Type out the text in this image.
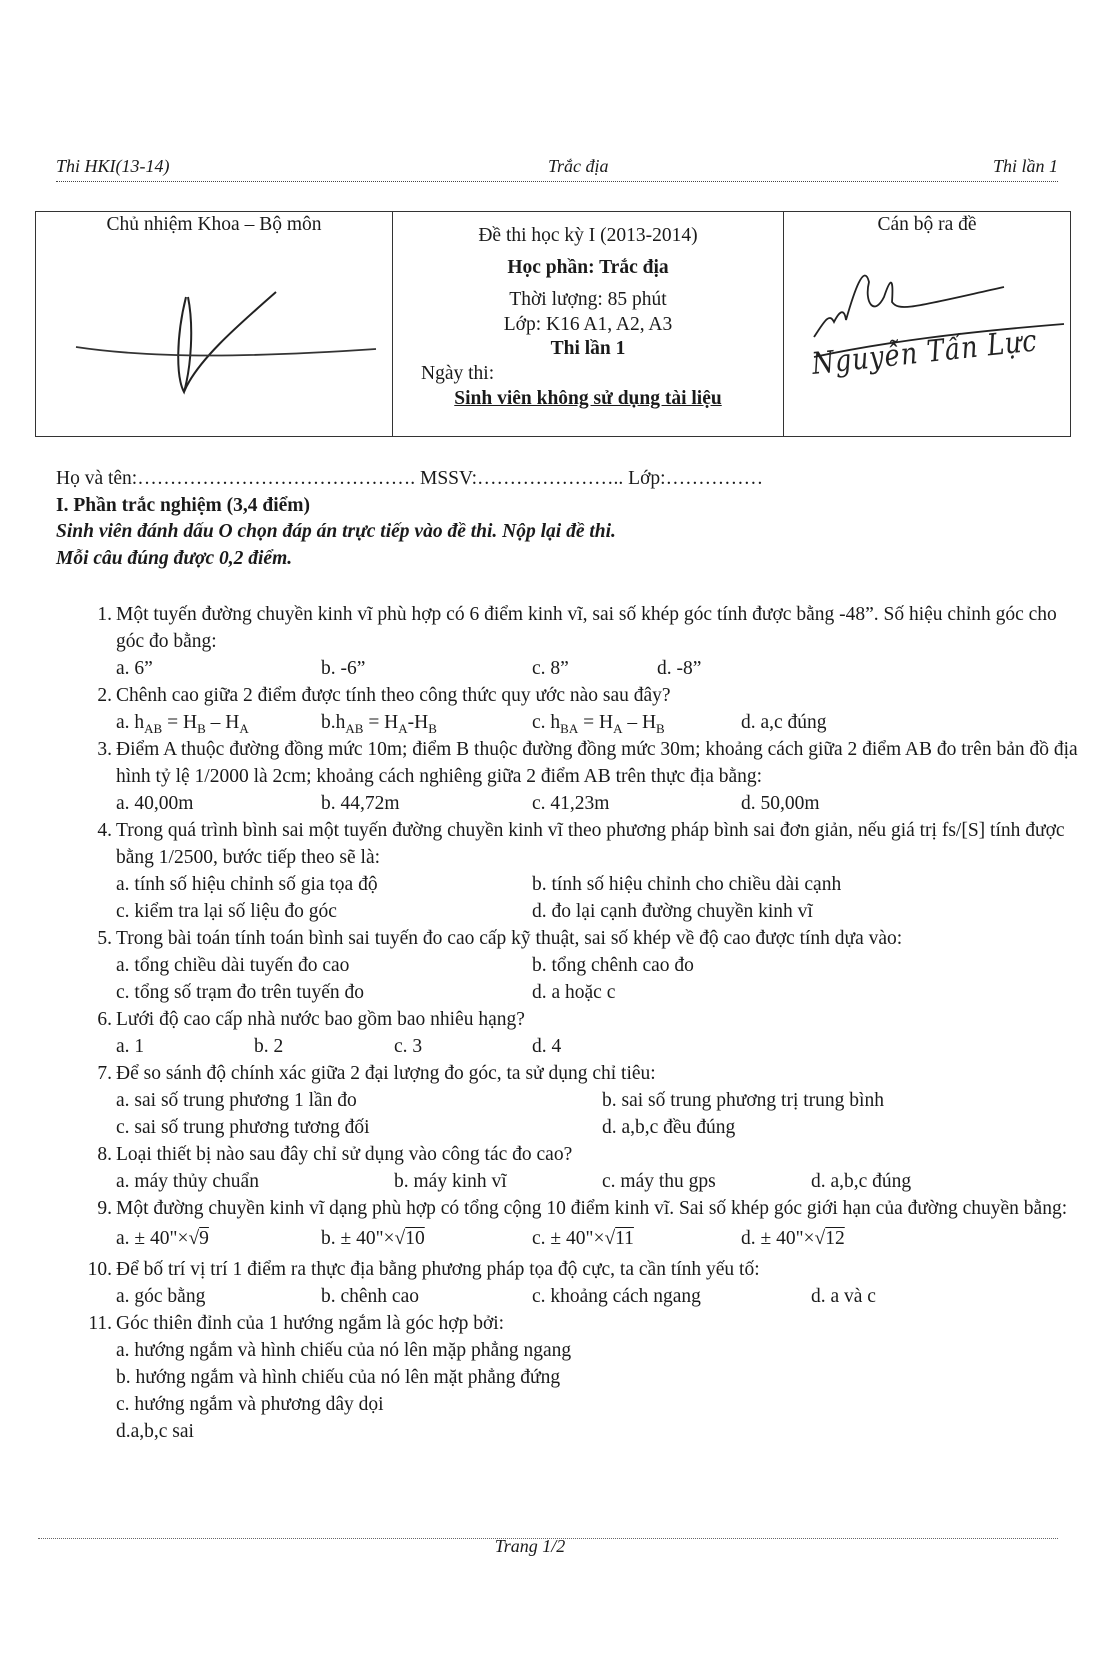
Thi HKI(13-14)	Trắc địa	Thi lần 1
Chủ nhiệm Khoa – Bộ môn

Đề thi học kỳ I (2013-2014)
Học phần: Trắc địa
Thời lượng: 85 phút
Lớp: K16 A1, A2, A3
Thi lần 1
Ngày thi:
Sinh viên không sử dụng tài liệu

Cán bộ ra đề
Nguyễn Tấn Lực
Họ và tên:……………………………………. MSSV:………………….. Lớp:……………
I. Phần trắc nghiệm (3,4 điểm)
Sinh viên đánh dấu O chọn đáp án trực tiếp vào đề thi. Nộp lại đề thi.
Mỗi câu đúng được 0,2 điểm.
1. Một tuyến đường chuyền kinh vĩ phù hợp có 6 điểm kinh vĩ, sai số khép góc tính được bằng -48”. Số hiệu chỉnh góc cho góc đo bằng:
a. 6”	b. -6”	c. 8”	d. -8”
2. Chênh cao giữa 2 điểm được tính theo công thức quy ước nào sau đây?
a. $h_{AB} = H_B - H_A$	$b.h_{AB} = H_A-H_B$	c. $h_{BA} = H_A - H_B$	d. a,c đúng
3. Điểm A thuộc đường đồng mức 10m; điểm B thuộc đường đồng mức 30m; khoảng cách giữa 2 điểm AB đo trên bản đồ địa hình tỷ lệ 1/2000 là 2cm; khoảng cách nghiêng giữa 2 điểm AB trên thực địa bằng:
a. 40,00m	b. 44,72m	c. 41,23m	d. 50,00m
4. Trong quá trình bình sai một tuyến đường chuyền kinh vĩ theo phương pháp bình sai đơn giản, nếu giá trị fs/[S] tính được bằng 1/2500, bước tiếp theo sẽ là:
a. tính số hiệu chỉnh số gia tọa độ	b. tính số hiệu chỉnh cho chiều dài cạnh
c. kiểm tra lại số liệu đo góc	d. đo lại cạnh đường chuyền kinh vĩ
5. Trong bài toán tính toán bình sai tuyến đo cao cấp kỹ thuật, sai số khép về độ cao được tính dựa vào:
a. tổng chiều dài tuyến đo cao	b. tổng chênh cao đo
c. tổng số trạm đo trên tuyến đo	d. a hoặc c
6. Lưới độ cao cấp nhà nước bao gồm bao nhiêu hạng?
a. 1	b. 2	c. 3	d. 4
7. Để so sánh độ chính xác giữa 2 đại lượng đo góc, ta sử dụng chỉ tiêu:
a. sai số trung phương 1 lần đo	b. sai số trung phương trị trung bình
c. sai số trung phương tương đối	d. a,b,c đều đúng
8. Loại thiết bị nào sau đây chỉ sử dụng vào công tác đo cao?
a. máy thủy chuẩn	b. máy kinh vĩ	c. máy thu gps	d. a,b,c đúng
9. Một đường chuyền kinh vĩ dạng phù hợp có tổng cộng 10 điểm kinh vĩ. Sai số khép góc giới hạn của đường chuyền bằng:
a. ± 40"×√9	b. ± 40"×√10	c. ± 40"×√11	d. ± 40"×√12
10. Để bố trí vị trí 1 điểm ra thực địa bằng phương pháp tọa độ cực, ta cần tính yếu tố:
a. góc bằng	b. chênh cao	c. khoảng cách ngang	d. a và c
11. Góc thiên đỉnh của 1 hướng ngắm là góc hợp bởi:
a. hướng ngắm và hình chiếu của nó lên mặp phẳng ngang
b. hướng ngắm và hình chiếu của nó lên mặt phẳng đứng
c. hướng ngắm và phương dây dọi
d.a,b,c sai
Trang 1/2
